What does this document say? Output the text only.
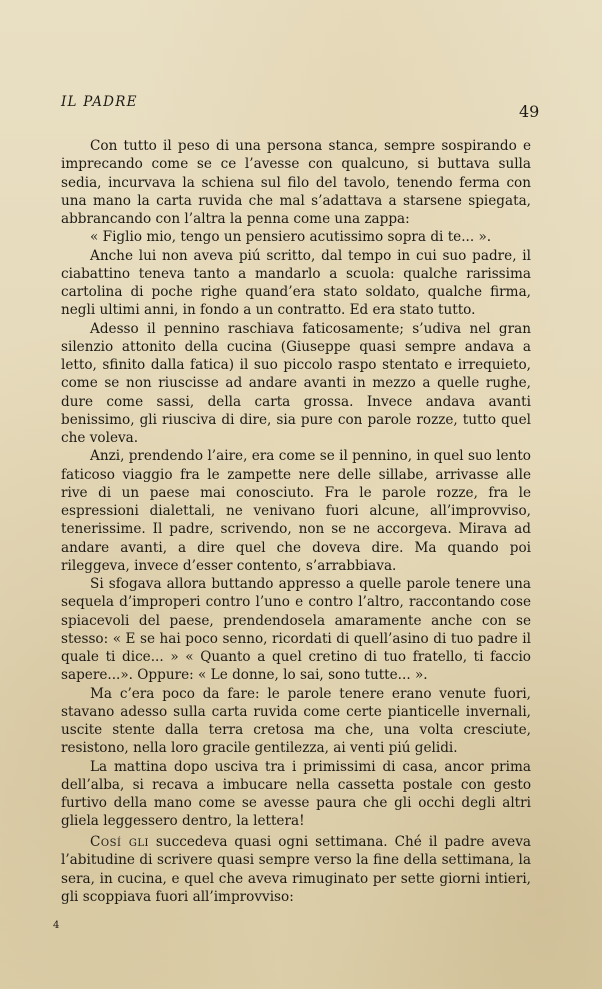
IL PADRE	49

Con tutto il peso di una persona stanca, sempre sospirando e imprecando come se ce l’avesse con qualcuno, si buttava sulla sedia, incurvava la schiena sul filo del tavolo, tenendo ferma con una mano la carta ruvida che mal s’adattava a starsene spiegata, abbrancando con l’altra la penna come una zappa:

« Figlio mio, tengo un pensiero acutissimo sopra di te... ».

Anche lui non aveva piú scritto, dal tempo in cui suo padre, il ciabattino teneva tanto a mandarlo a scuola: qualche rarissima cartolina di poche righe quand’era stato soldato, qualche firma, negli ultimi anni, in fondo a un contratto. Ed era stato tutto.

Adesso il pennino raschiava faticosamente; s’udiva nel gran silenzio attonito della cucina (Giuseppe quasi sempre andava a letto, sfinito dalla fatica) il suo piccolo raspo stentato e irrequieto, come se non riuscisse ad andare avanti in mezzo a quelle rughe, dure come sassi, della carta grossa. Invece andava avanti benissimo, gli riusciva di dire, sia pure con parole rozze, tutto quel che voleva.

Anzi, prendendo l’aire, era come se il pennino, in quel suo lento faticoso viaggio fra le zampette nere delle sillabe, arrivasse alle rive di un paese mai conosciuto. Fra le parole rozze, fra le espressioni dialettali, ne venivano fuori alcune, all’improvviso, tenerissime. Il padre, scrivendo, non se ne accorgeva. Mirava ad andare avanti, a dire quel che doveva dire. Ma quando poi rileggeva, invece d’esser contento, s’arrabbiava.

Si sfogava allora buttando appresso a quelle parole tenere una sequela d’improperi contro l’uno e contro l’altro, raccontando cose spiacevoli del paese, prendendosela amaramente anche con se stesso: « E se hai poco senno, ricordati di quell’asino di tuo padre il quale ti dice... » « Quanto a quel cretino di tuo fratello, ti faccio sapere...». Oppure: « Le donne, lo sai, sono tutte... ».

Ma c’era poco da fare: le parole tenere erano venute fuori, stavano adesso sulla carta ruvida come certe pianticelle invernali, uscite stente dalla terra cretosa ma che, una volta cresciute, resistono, nella loro gracile gentilezza, ai venti piú gelidi.

La mattina dopo usciva tra i primissimi di casa, ancor prima dell’alba, si recava a imbucare nella cassetta postale con gesto furtivo della mano come se avesse paura che gli occhi degli altri gliela leggessero dentro, la lettera!

Cosí gli succedeva quasi ogni settimana. Ché il padre aveva l’abitudine di scrivere quasi sempre verso la fine della settimana, la sera, in cucina, e quel che aveva rimuginato per sette giorni intieri, gli scoppiava fuori all’improvviso:

4
